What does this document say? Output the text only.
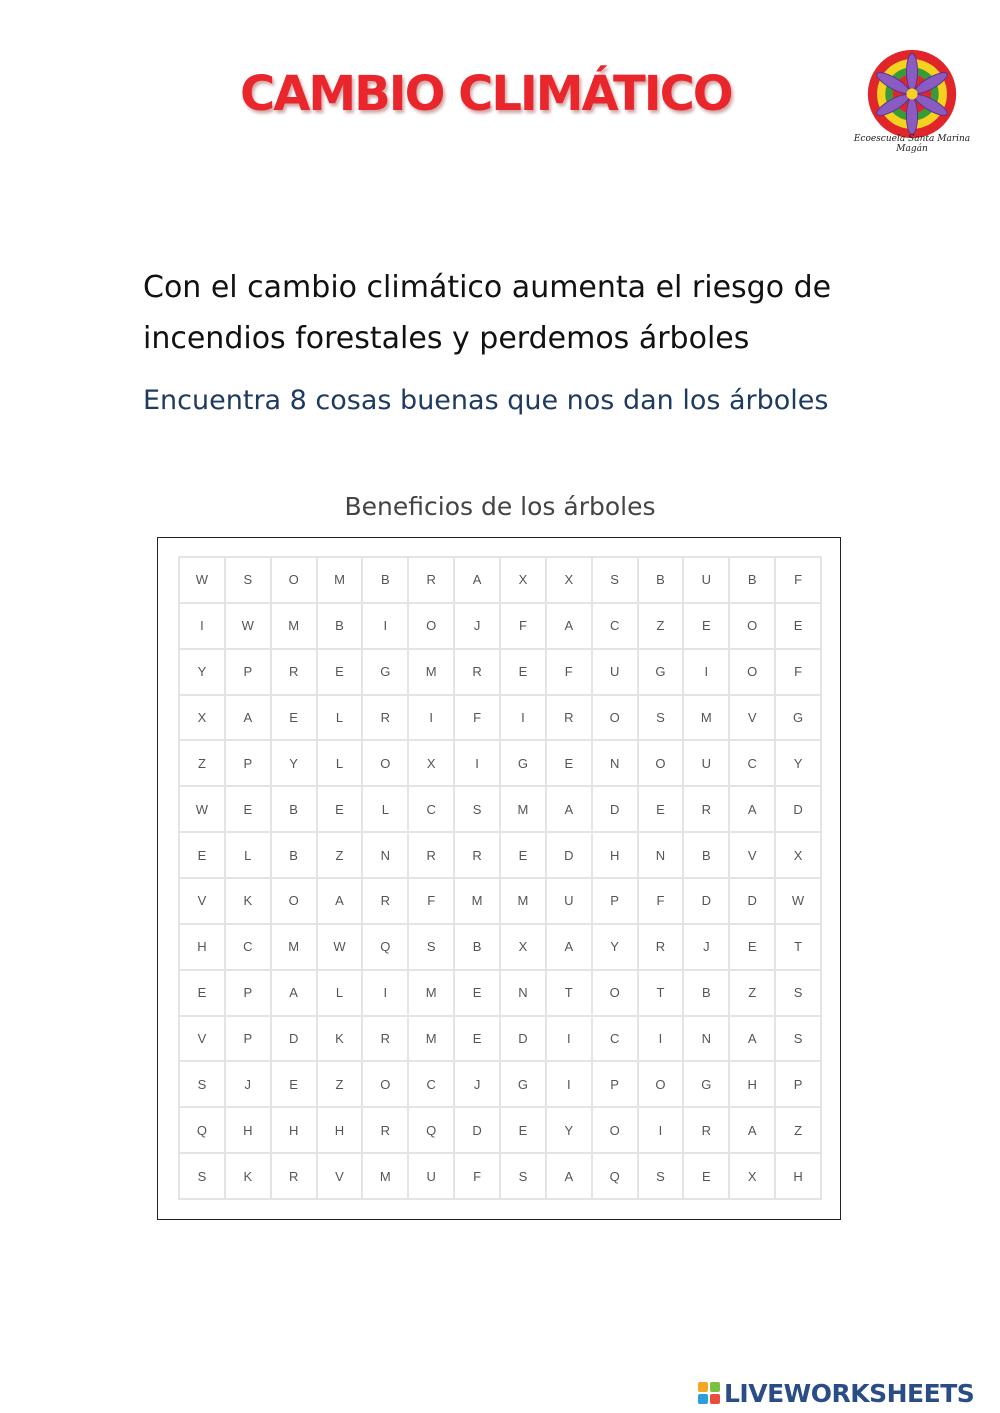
CAMBIO CLIMÁTICO
Ecoescuela Santa Marina
Magán
Con el cambio climático aumenta el riesgo de incendios forestales y perdemos árboles
Encuentra 8 cosas buenas que nos dan los árboles
Beneficios de los árboles
W	S	O	M	B	R	A	X	X	S	B	U	B	F
I	W	M	B	I	O	J	F	A	C	Z	E	O	E
Y	P	R	E	G	M	R	E	F	U	G	I	O	F
X	A	E	L	R	I	F	I	R	O	S	M	V	G
Z	P	Y	L	O	X	I	G	E	N	O	U	C	Y
W	E	B	E	L	C	S	M	A	D	E	R	A	D
E	L	B	Z	N	R	R	E	D	H	N	B	V	X
V	K	O	A	R	F	M	M	U	P	F	D	D	W
H	C	M	W	Q	S	B	X	A	Y	R	J	E	T
E	P	A	L	I	M	E	N	T	O	T	B	Z	S
V	P	D	K	R	M	E	D	I	C	I	N	A	S
S	J	E	Z	O	C	J	G	I	P	O	G	H	P
Q	H	H	H	R	Q	D	E	Y	O	I	R	A	Z
S	K	R	V	M	U	F	S	A	Q	S	E	X	H
LIVEWORKSHEETS
